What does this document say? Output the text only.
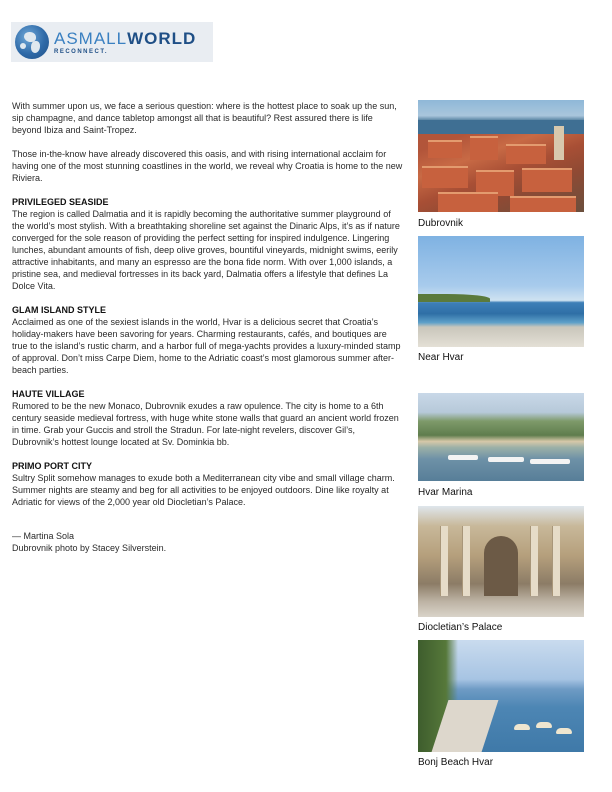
ASMALLWORLD
RECONNECT.

With summer upon us, we face a serious question: where is the hottest place to soak up the sun, sip champagne, and dance tabletop amongst all that is beautiful? Rest assured there is life beyond Ibiza and Saint-Tropez.

Those in-the-know have already discovered this oasis, and with rising international acclaim for having one of the most stunning coastlines in the world, we reveal why Croatia is home to the new Riviera.

PRIVILEGED SEASIDE
The region is called Dalmatia and it is rapidly becoming the authoritative summer playground of the world’s most stylish. With a breathtaking shoreline set against the Dinaric Alps, it’s as if nature converged for the sole reason of providing the perfect setting for inspired indulgence. Lingering lunches, abundant amounts of fish, deep olive groves, bountiful vineyards, midnight swims, eerily attractive inhabitants, and many an espresso are the bona fide norm. With over 1,000 islands, a pristine sea, and medieval fortresses in its back yard, Dalmatia offers a lifestyle that defines La Dolce Vita.
GLAM ISLAND STYLE
Acclaimed as one of the sexiest islands in the world, Hvar is a delicious secret that Croatia’s holiday-makers have been savoring for years. Charming restaurants, cafés, and boutiques are true to the island’s rustic charm, and a harbor full of mega-yachts provides a luxury-minded stamp of approval. Don’t miss Carpe Diem, home to the Adriatic coast’s most glamorous summer after-beach parties.
HAUTE VILLAGE
Rumored to be the new Monaco, Dubrovnik exudes a raw opulence. The city is home to a 6th century seaside medieval fortress, with huge white stone walls that guard an ancient world frozen in time. Grab your Guccis and stroll the Stradun. For late-night revelers, discover Gil’s, Dubrovnik’s hottest lounge located at Sv. Dominkia bb.
PRIMO PORT CITY
Sultry Split somehow manages to exude both a Mediterranean city vibe and small village charm. Summer nights are steamy and beg for all activities to be enjoyed outdoors. Dine like royalty at Adriatic for views of the 2,000 year old Diocletian’s Palace.
— Martina Sola
Dubrovnik photo by Stacey Silverstein.
Dubrovnik
Near Hvar
Hvar Marina
Diocletian’s Palace
Bonj Beach Hvar
